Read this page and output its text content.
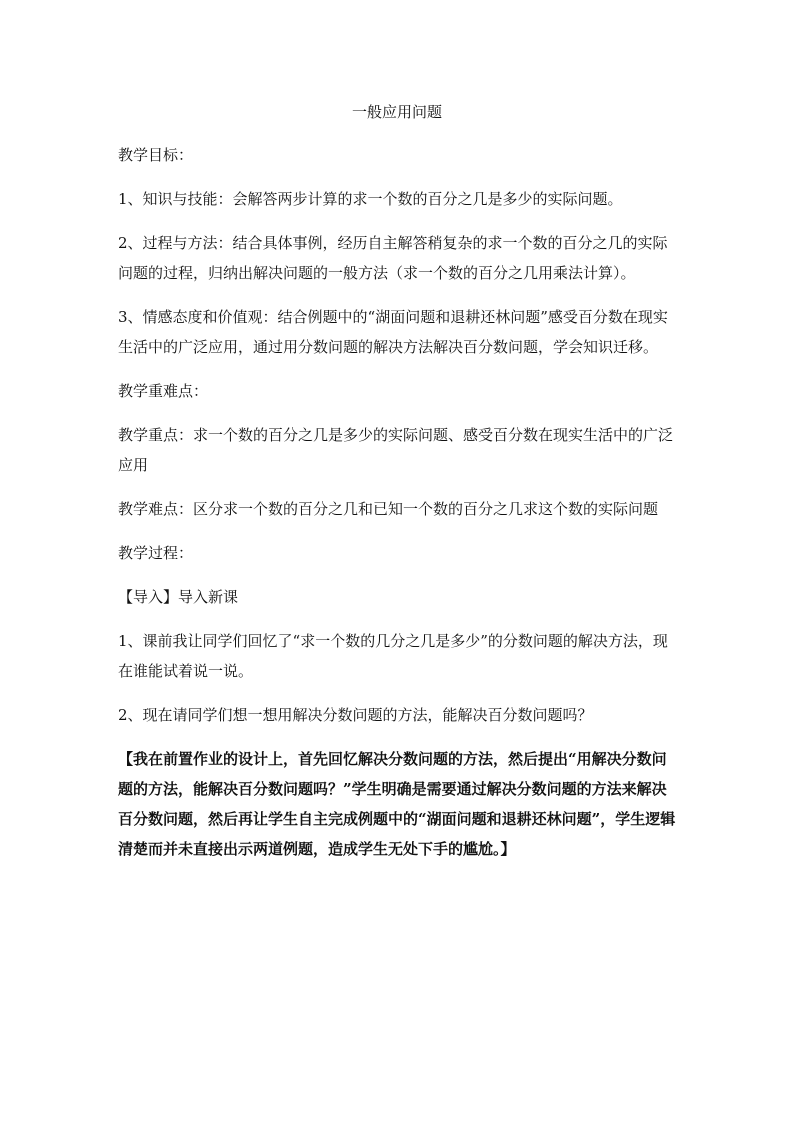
一般应用问题

教学目标：

1、知识与技能：会解答两步计算的求一个数的百分之几是多少的实际问题。

2、过程与方法：结合具体事例，经历自主解答稍复杂的求一个数的百分之几的实际问题的过程，归纳出解决问题的一般方法（求一个数的百分之几用乘法计算）。

3、情感态度和价值观：结合例题中的“湖面问题和退耕还林问题”感受百分数在现实生活中的广泛应用，通过用分数问题的解决方法解决百分数问题，学会知识迁移。

教学重难点：

教学重点：求一个数的百分之几是多少的实际问题、感受百分数在现实生活中的广泛应用

教学难点：区分求一个数的百分之几和已知一个数的百分之几求这个数的实际问题

教学过程：

【导入】导入新课

1、课前我让同学们回忆了“求一个数的几分之几是多少”的分数问题的解决方法，现在谁能试着说一说。

2、现在请同学们想一想用解决分数问题的方法，能解决百分数问题吗？

【我在前置作业的设计上，首先回忆解决分数问题的方法，然后提出“用解决分数问题的方法，能解决百分数问题吗？”学生明确是需要通过解决分数问题的方法来解决百分数问题，然后再让学生自主完成例题中的“湖面问题和退耕还林问题”，学生逻辑清楚而并未直接出示两道例题，造成学生无处下手的尴尬。】
